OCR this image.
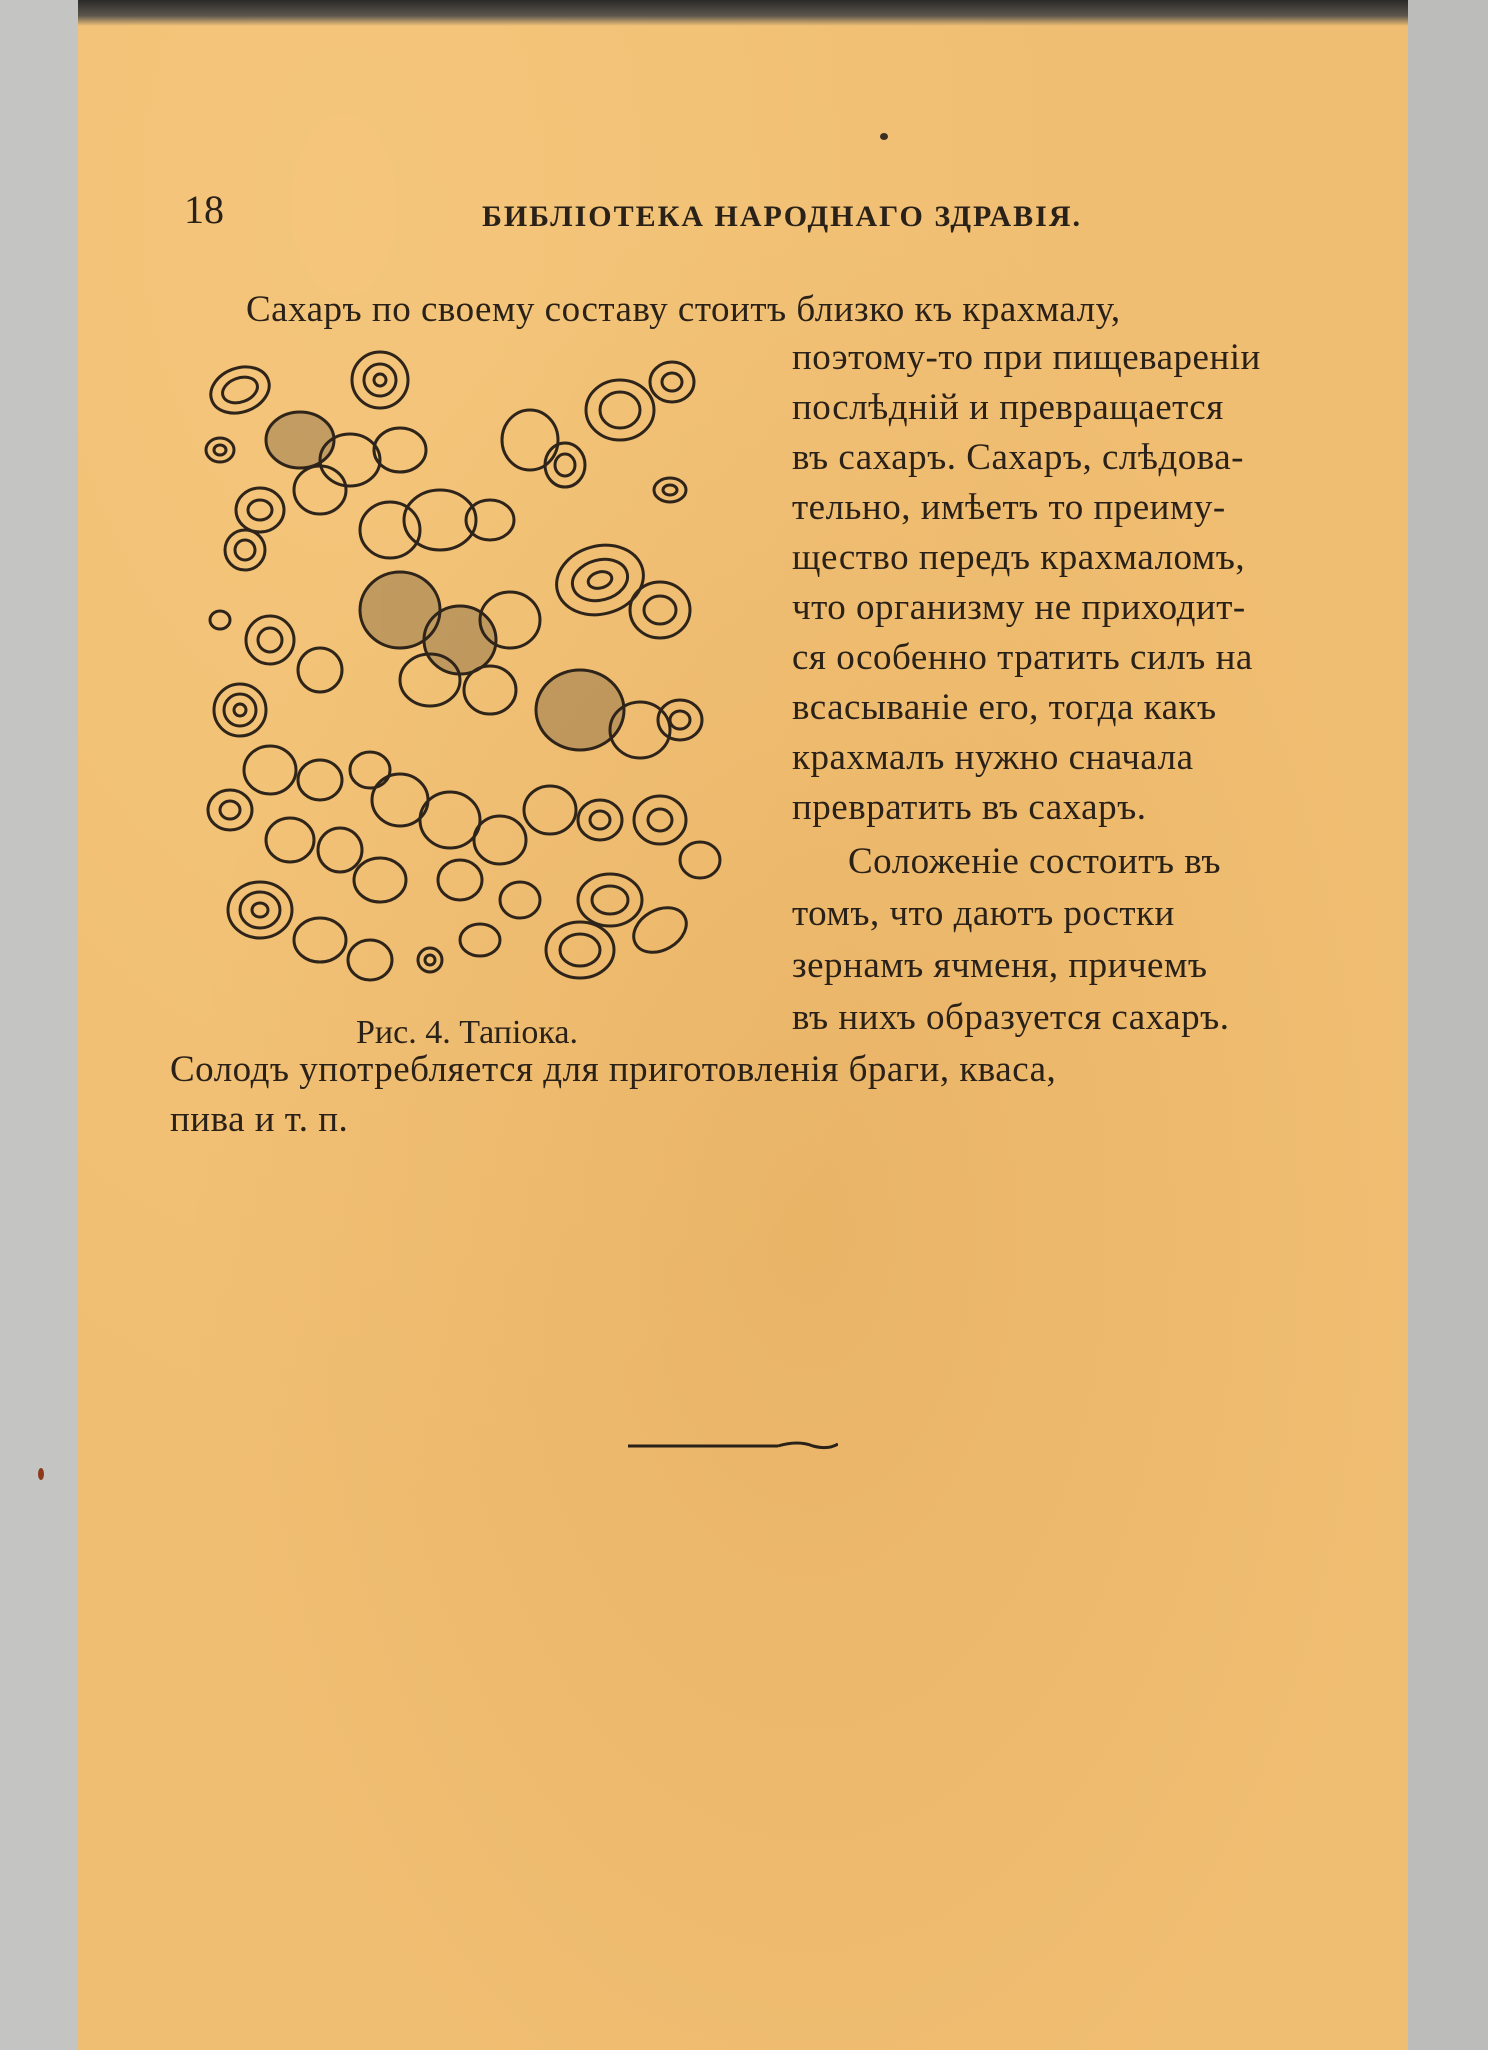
18	БИБЛІОТЕКА НАРОДНАГО ЗДРАВІЯ.
Сахаръ по своему составу стоитъ близко къ крахмалу,
поэтому-то при пищевареніи
послѣдній и превращается
въ сахаръ. Сахаръ, слѣдова-
тельно, имѣетъ то преиму-
щество передъ крахмаломъ,
что организму не приходит-
ся особенно тратить силъ на
всасываніе его, тогда какъ
крахмалъ нужно сначала
превратить въ сахаръ.
Соложеніе состоитъ въ
томъ, что даютъ ростки
зернамъ ячменя, причемъ
въ нихъ образуется сахаръ.
Солодъ употребляется для приготовленія браги, кваса,
пива и т. п.
Рис. 4. Тапіока.
